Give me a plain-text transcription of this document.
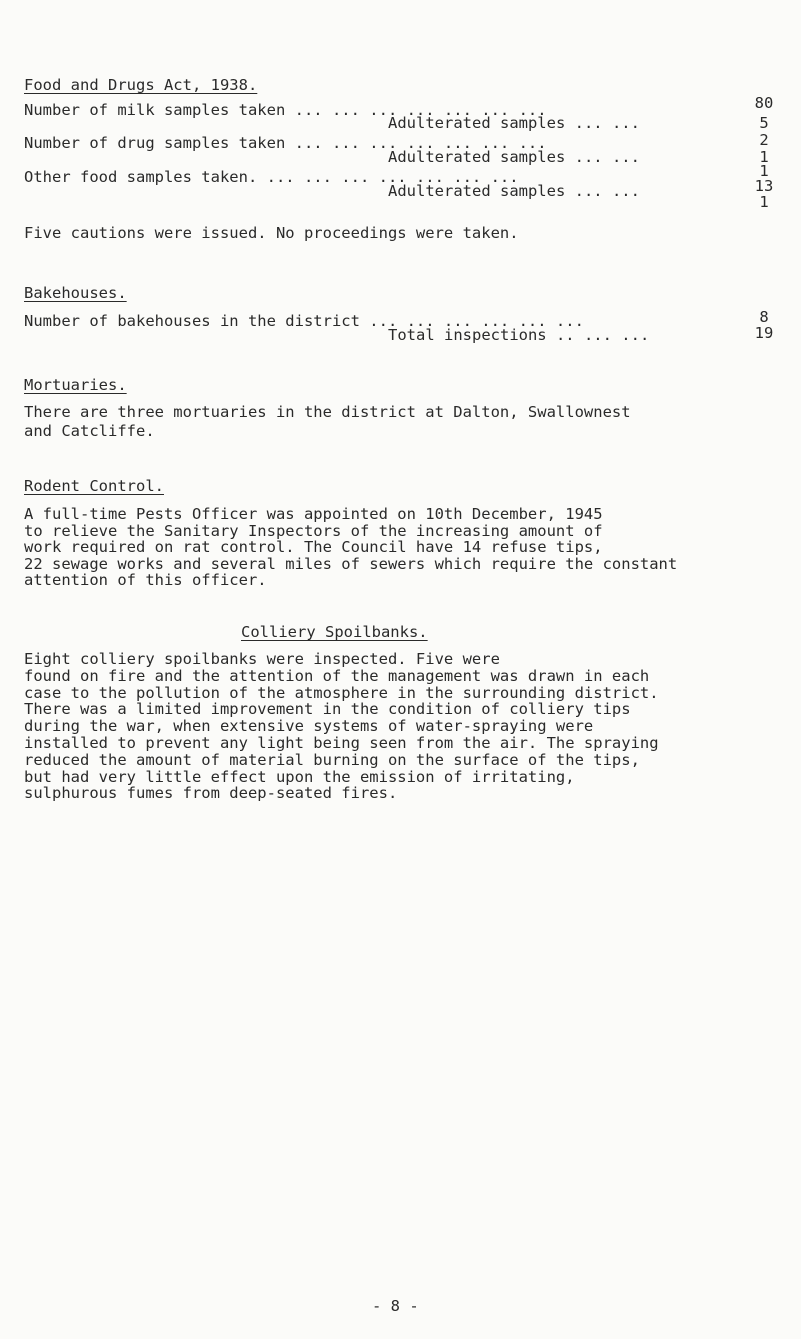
Food and Drugs Act, 1938.
Number of milk samples taken ... ... ... ... ... ... ...
Adulterated samples ... ...
Number of drug samples taken ... ... ... ... ... ... ...
Adulterated samples ... ...
Other food samples taken. ... ... ... ... ... ... ...
Adulterated samples ... ...
80
5
2
1
1
13
1
Five cautions were issued. No proceedings were taken.
Bakehouses.
Number of bakehouses in the district ... ... ... ... ... ...
Total inspections .. ... ...
8
19
Mortuaries.
There are three mortuaries in the district at Dalton, Swallownest
and Catcliffe.
Rodent Control.
A full-time Pests Officer was appointed on 10th December, 1945
to relieve the Sanitary Inspectors of the increasing amount of
work required on rat control. The Council have 14 refuse tips,
22 sewage works and several miles of sewers which require the constant
attention of this officer.
Colliery Spoilbanks.
Eight colliery spoilbanks were inspected. Five were
found on fire and the attention of the management was drawn in each
case to the pollution of the atmosphere in the surrounding district.
There was a limited improvement in the condition of colliery tips
during the war, when extensive systems of water-spraying were
installed to prevent any light being seen from the air. The spraying
reduced the amount of material burning on the surface of the tips,
but had very little effect upon the emission of irritating,
sulphurous fumes from deep-seated fires.
- 8 -
